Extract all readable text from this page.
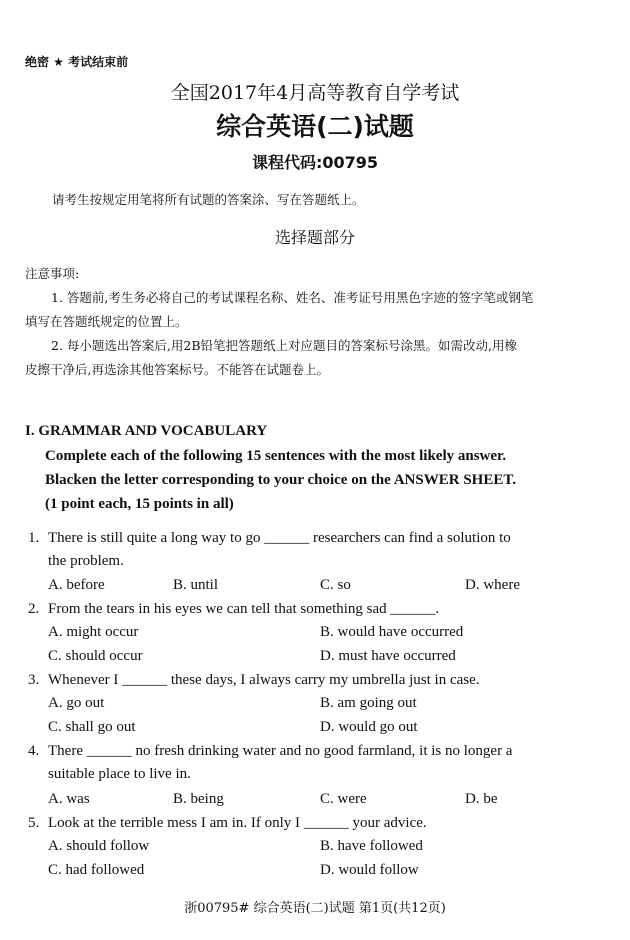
绝密 ★ 考试结束前
全国2017年4月高等教育自学考试
综合英语(二)试题
课程代码:00795
请考生按规定用笔将所有试题的答案涂、写在答题纸上。
选择题部分
注意事项:
1. 答题前,考生务必将自己的考试课程名称、姓名、准考证号用黑色字迹的签字笔或钢笔
填写在答题纸规定的位置上。
2. 每小题选出答案后,用2B铅笔把答题纸上对应题目的答案标号涂黑。如需改动,用橡
皮擦干净后,再选涂其他答案标号。不能答在试题卷上。
I. GRAMMAR AND VOCABULARY
Complete each of the following 15 sentences with the most likely answer.
Blacken the letter corresponding to your choice on the ANSWER SHEET.
(1 point each, 15 points in all)
1. There is still quite a long way to go ______ researchers can find a solution to
the problem.
A. before	B. until	C. so	D. where
2. From the tears in his eyes we can tell that something sad ______.
A. might occur	B. would have occurred
C. should occur	D. must have occurred
3. Whenever I ______ these days, I always carry my umbrella just in case.
A. go out	B. am going out
C. shall go out	D. would go out
4. There ______ no fresh drinking water and no good farmland, it is no longer a
suitable place to live in.
A. was	B. being	C. were	D. be
5. Look at the terrible mess I am in. If only I ______ your advice.
A. should follow	B. have followed
C. had followed	D. would follow
浙00795# 综合英语(二)试题 第1页(共12页)
